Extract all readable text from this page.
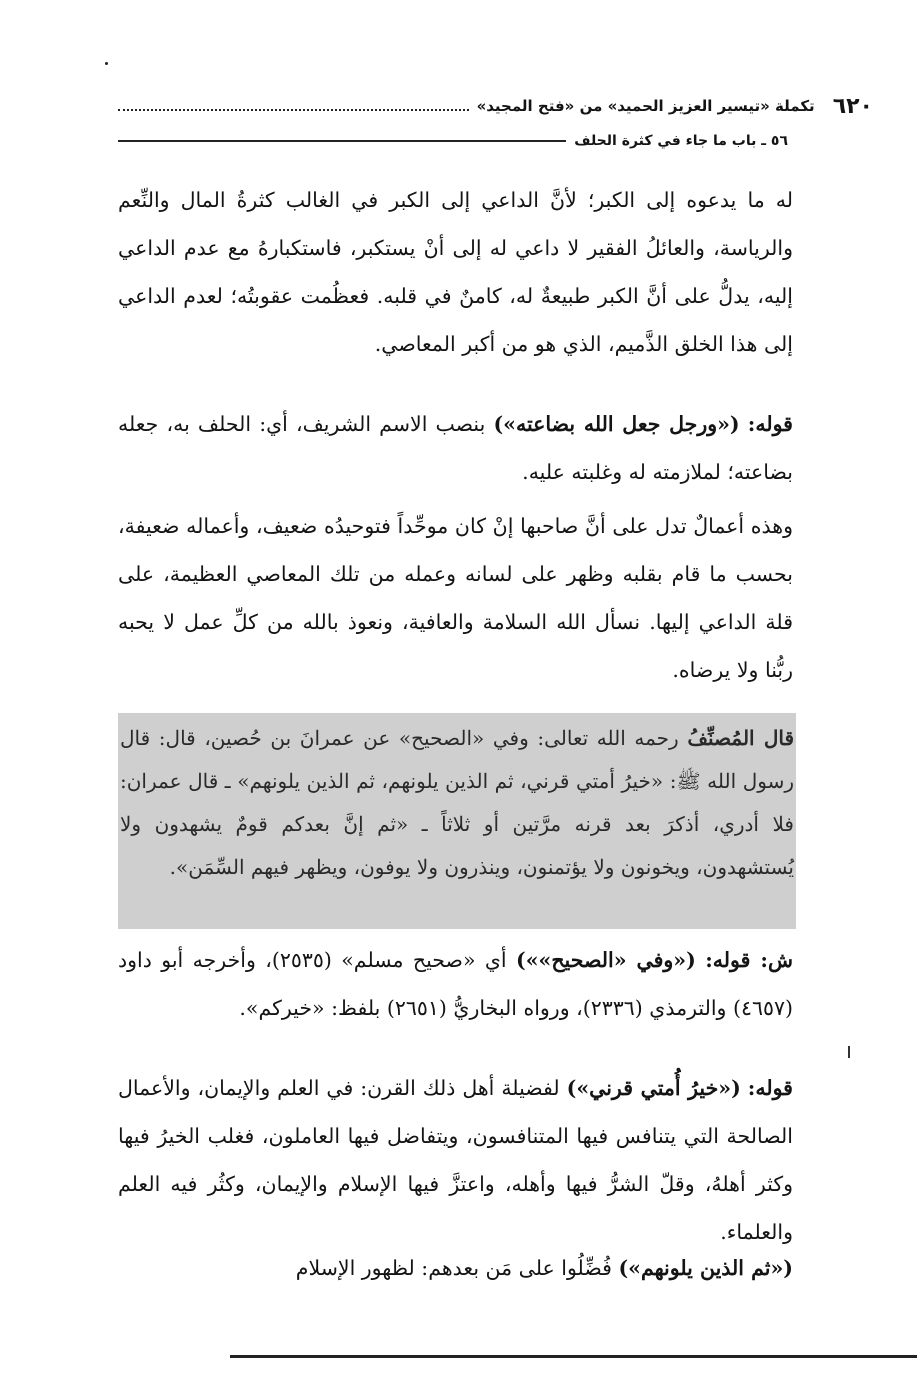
٦٢٠
تكملة «تيسير العزيز الحميد» من «فتح المجيد»
٥٦ ـ باب ما جاء في كثرة الحلف
له ما يدعوه إلى الكبر؛ لأنَّ الداعي إلى الكبر في الغالب كثرةُ المال والنِّعم والرياسة، والعائلُ الفقير لا داعي له إلى أنْ يستكبر، فاستكبارهُ مع عدم الداعي إليه، يدلُّ على أنَّ الكبر طبيعةٌ له، كامنٌ في قلبه. فعظُمت عقوبتُه؛ لعدم الداعي إلى هذا الخلق الذَّميم، الذي هو من أكبر المعاصي.
قوله: («ورجل جعل الله بضاعته») بنصب الاسم الشريف، أي: الحلف به، جعله بضاعته؛ لملازمته له وغلبته عليه.
وهذه أعمالٌ تدل على أنَّ صاحبها إنْ كان موحِّداً فتوحيدُه ضعيف، وأعماله ضعيفة، بحسب ما قام بقلبه وظهر على لسانه وعمله من تلك المعاصي العظيمة، على قلة الداعي إليها. نسأل الله السلامة والعافية، ونعوذ بالله من كلِّ عمل لا يحبه ربُّنا ولا يرضاه.
قال المُصنِّفُ رحمه الله تعالى: وفي «الصحيح» عن عمرانَ بن حُصين، قال: قال رسول الله ﷺ: «خيرُ أمتي قرني، ثم الذين يلونهم، ثم الذين يلونهم» ـ قال عمران: فلا أدري، أذكرَ بعد قرنه مرَّتين أو ثلاثاً ـ «ثم إنَّ بعدكم قومٌ يشهدون ولا يُستشهدون، ويخونون ولا يؤتمنون، وينذرون ولا يوفون، ويظهر فيهم السِّمَن».
ش: قوله: («وفي «الصحيح»») أي «صحيح مسلم» (٢٥٣٥)، وأخرجه أبو داود (٤٦٥٧) والترمذي (٢٣٣٦)، ورواه البخاريُّ (٢٦٥١) بلفظ: «خيركم».
قوله: («خيرُ أُمتي قرني») لفضيلة أهل ذلك القرن: في العلم والإيمان، والأعمال الصالحة التي يتنافس فيها المتنافسون، ويتفاضل فيها العاملون، فغلب الخيرُ فيها وكثر أهلهُ، وقلّ الشرُّ فيها وأهله، واعتزَّ فيها الإسلام والإيمان، وكثُر فيه العلم والعلماء.
(«ثم الذين يلونهم») فُضِّلُوا على مَن بعدهم: لظهور الإسلام
